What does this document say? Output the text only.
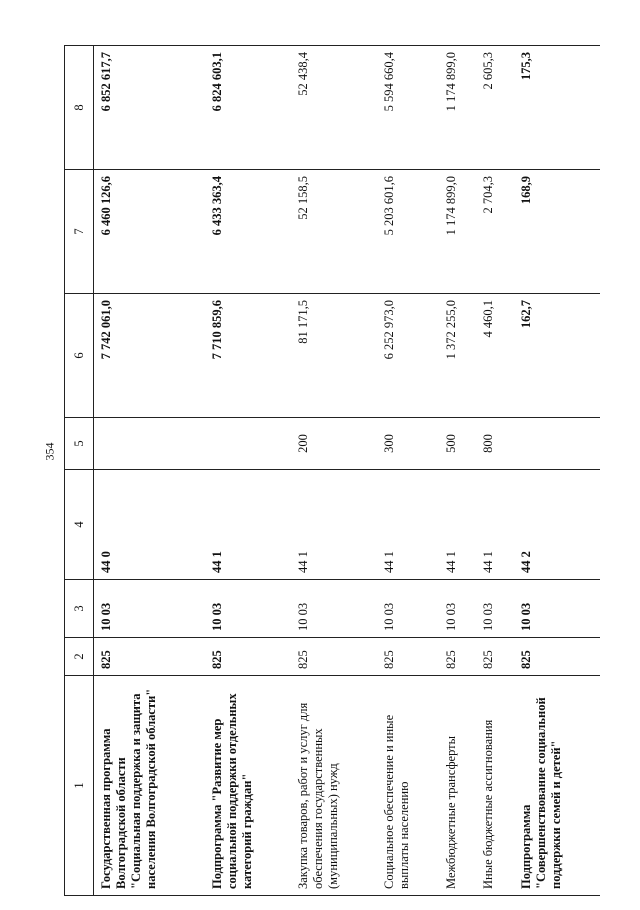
354
1	2	3	4	5	6	7	8
Государственная программа Волгоградской области "Социальная поддержка и защита населения Волгоградской области"	825	10 03	44 0		7 742 061,0	6 460 126,6	6 852 617,7
Подпрограмма "Развитие мер социальной поддержки отдельных категорий граждан"	825	10 03	44 1		7 710 859,6	6 433 363,4	6 824 603,1
Закупка товаров, работ и услуг для обеспечения государственных (муниципальных) нужд	825	10 03	44 1	200	81 171,5	52 158,5	52 438,4
Социальное обеспечение и иные выплаты населению	825	10 03	44 1	300	6 252 973,0	5 203 601,6	5 594 660,4
Межбюджетные трансферты	825	10 03	44 1	500	1 372 255,0	1 174 899,0	1 174 899,0
Иные бюджетные ассигнования	825	10 03	44 1	800	4 460,1	2 704,3	2 605,3
Подпрограмма "Совершенствование социальной поддержки семей и детей"	825	10 03	44 2		162,7	168,9	175,3
